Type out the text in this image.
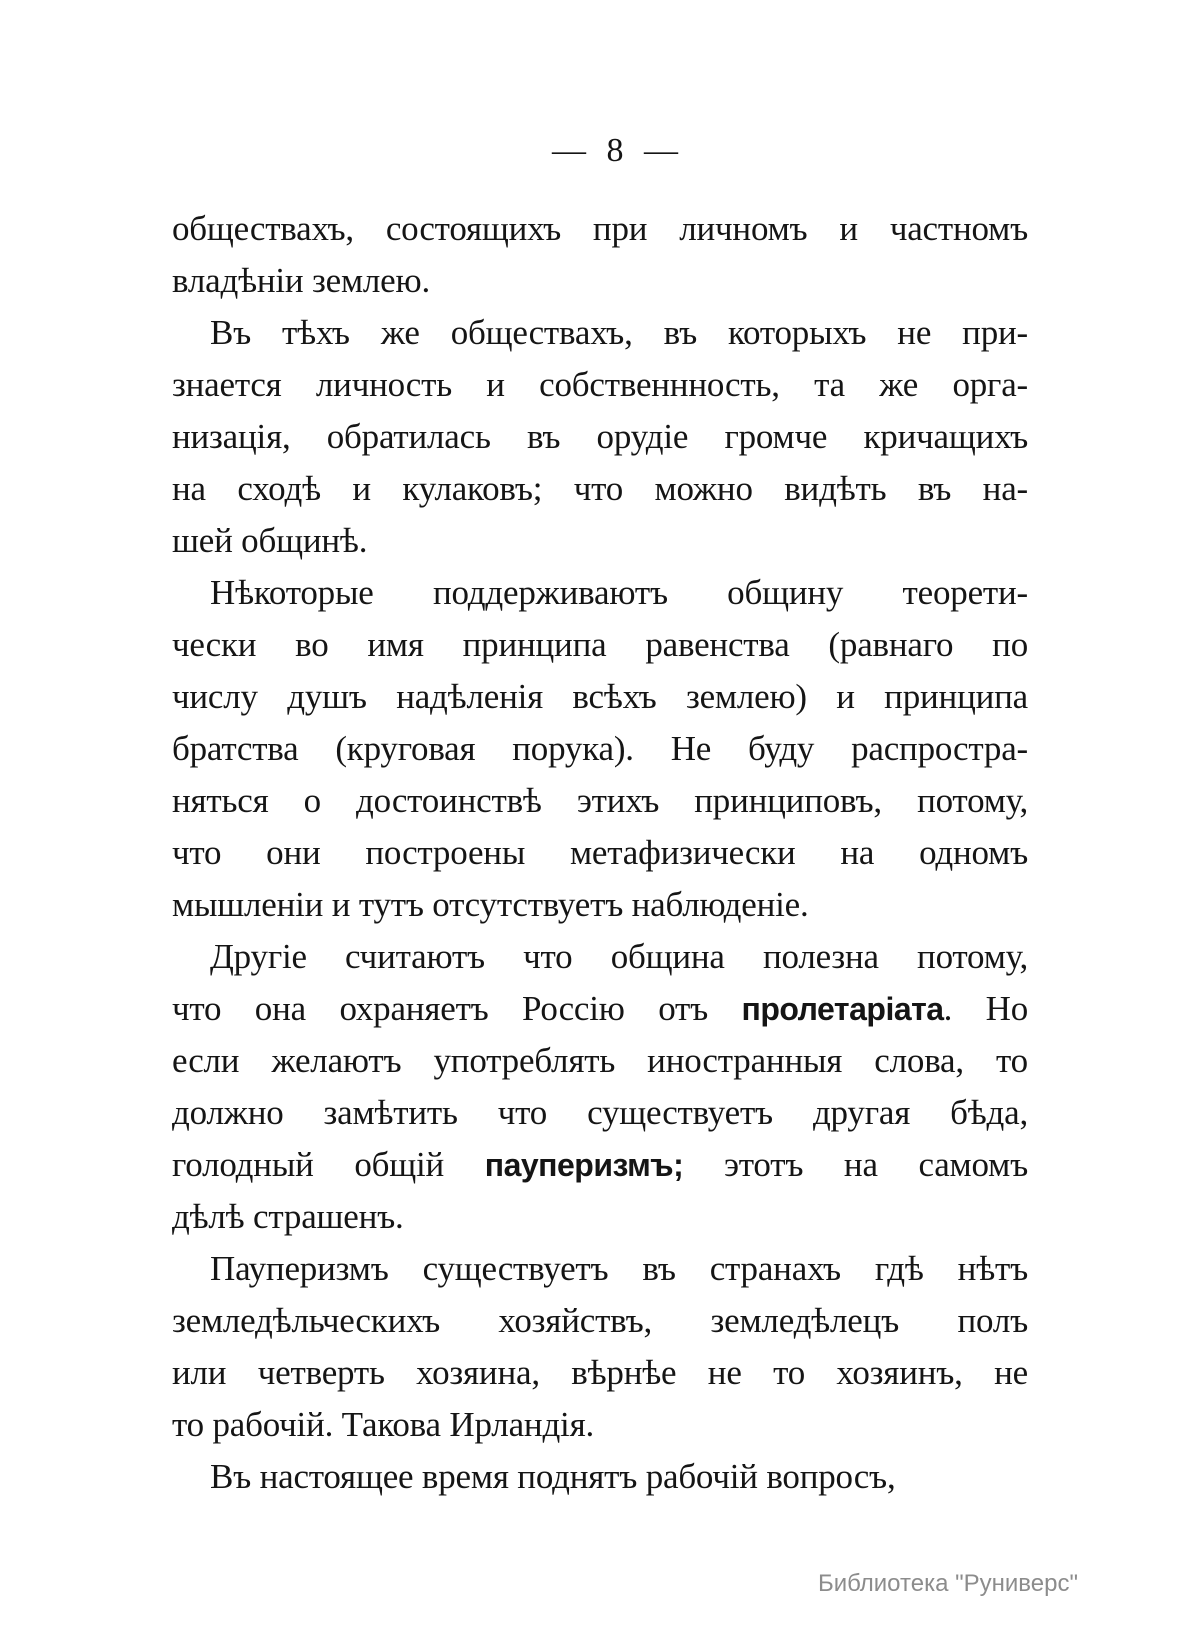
— 8 —
обществахъ, состоящихъ при личномъ и частномъ
владѣніи землею.
Въ тѣхъ же обществахъ, въ которыхъ не при-
знается личность и собственнность, та же орга-
низація, обратилась въ орудіе громче кричащихъ
на сходѣ и кулаковъ; что можно видѣть въ на-
шей общинѣ.
Нѣкоторые поддерживаютъ общину теорети-
чески во имя принципа равенства (равнаго по
числу душъ надѣленія всѣхъ землею) и принципа
братства (круговая порука). Не буду распростра-
няться о достоинствѣ этихъ принциповъ, потому,
что они построены метафизически на одномъ
мышленіи и тутъ отсутствуетъ наблюденіе.
Другіе считаютъ что община полезна потому,
что она охраняетъ Россію отъ пролетаріата. Но
если желаютъ употреблять иностранныя слова, то
должно замѣтить что существуетъ другая бѣда,
голодный общій пауперизмъ; этотъ на самомъ
дѣлѣ страшенъ.
Пауперизмъ существуетъ въ странахъ гдѣ нѣтъ
земледѣльческихъ хозяйствъ, земледѣлецъ полъ
или четверть хозяина, вѣрнѣе не то хозяинъ, не
то рабочій. Такова Ирландія.
Въ настоящее время поднятъ рабочій вопросъ,
Библиотека "Руниверс"
